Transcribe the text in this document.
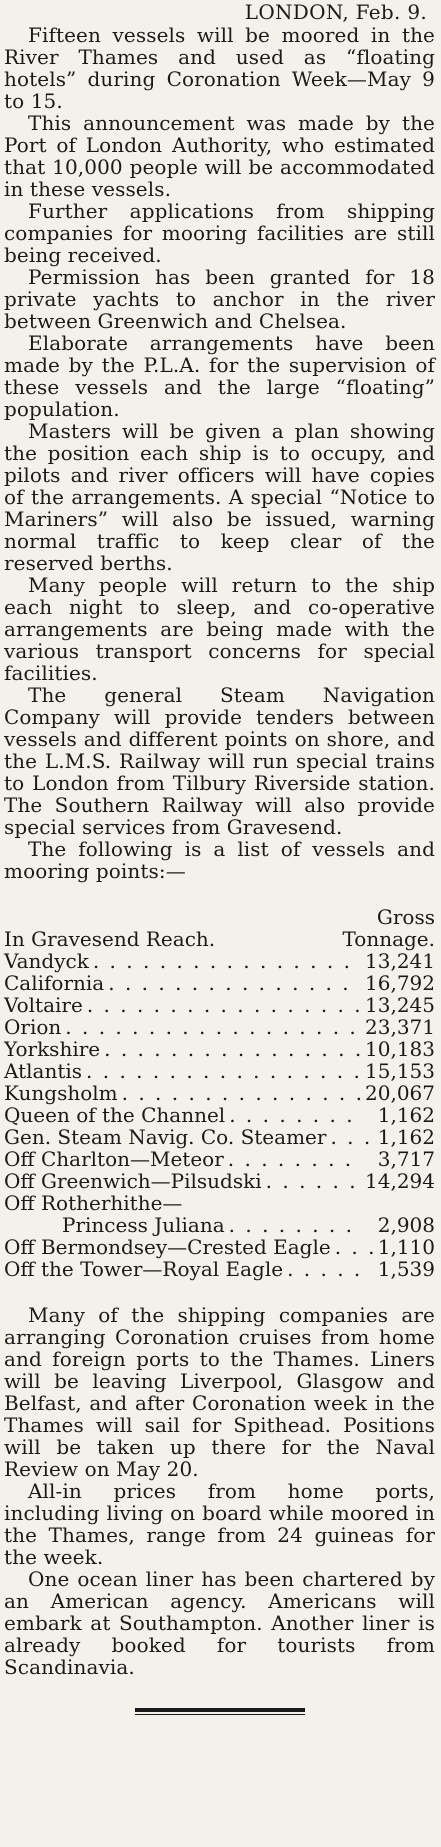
LONDON, Feb. 9.

Fifteen vessels will be moored in the River Thames and used as “floating hotels” during Coronation Week—May 9 to 15.

This announcement was made by the Port of London Authority, who estimated that 10,000 people will be accommodated in these vessels.

Further applications from shipping companies for mooring facilities are still being received.

Permission has been granted for 18 private yachts to anchor in the river between Greenwich and Chelsea.

Elaborate arrangements have been made by the P.L.A. for the supervision of these vessels and the large “floating” population.

Masters will be given a plan showing the position each ship is to occupy, and pilots and river officers will have copies of the arrangements. A special “Notice to Mariners” will also be issued, warning normal traffic to keep clear of the reserved berths.

Many people will return to the ship each night to sleep, and co-operative arrangements are being made with the various transport concerns for special facilities.

The general Steam Navigation Company will provide tenders between vessels and different points on shore, and the L.M.S. Railway will run special trains to London from Tilbury Riverside station. The Southern Railway will also provide special services from Gravesend.

The following is a list of vessels and mooring points:—

In Gravesend Reach.
Gross
Tonnage.
Vandyck . . .	13,241
California . . .	16,792
Voltaire . . .	13,245
Orion . . .	23,371
Yorkshire . . .	10,183
Atlantis . . .	15,153
Kungsholm . . .	20,067
Queen of the Channel . . .	1,162
Gen. Steam Navig. Co. Steamer . . .	1,162
Off Charlton—Meteor . . .	3,717
Off Greenwich—Pilsudski . . .	14,294
Off Rotherhithe—
Princess Juliana . . .	2,908
Off Bermondsey—Crested Eagle . . . 1,110
Off the Tower—Royal Eagle . . .	1,539

Many of the shipping companies are arranging Coronation cruises from home and foreign ports to the Thames. Liners will be leaving Liverpool, Glasgow and Belfast, and after Coronation week in the Thames will sail for Spithead. Positions will be taken up there for the Naval Review on May 20.

All-in prices from home ports, including living on board while moored in the Thames, range from 24 guineas for the week.

One ocean liner has been chartered by an American agency. Americans will embark at Southampton. Another liner is already booked for tourists from Scandinavia.
